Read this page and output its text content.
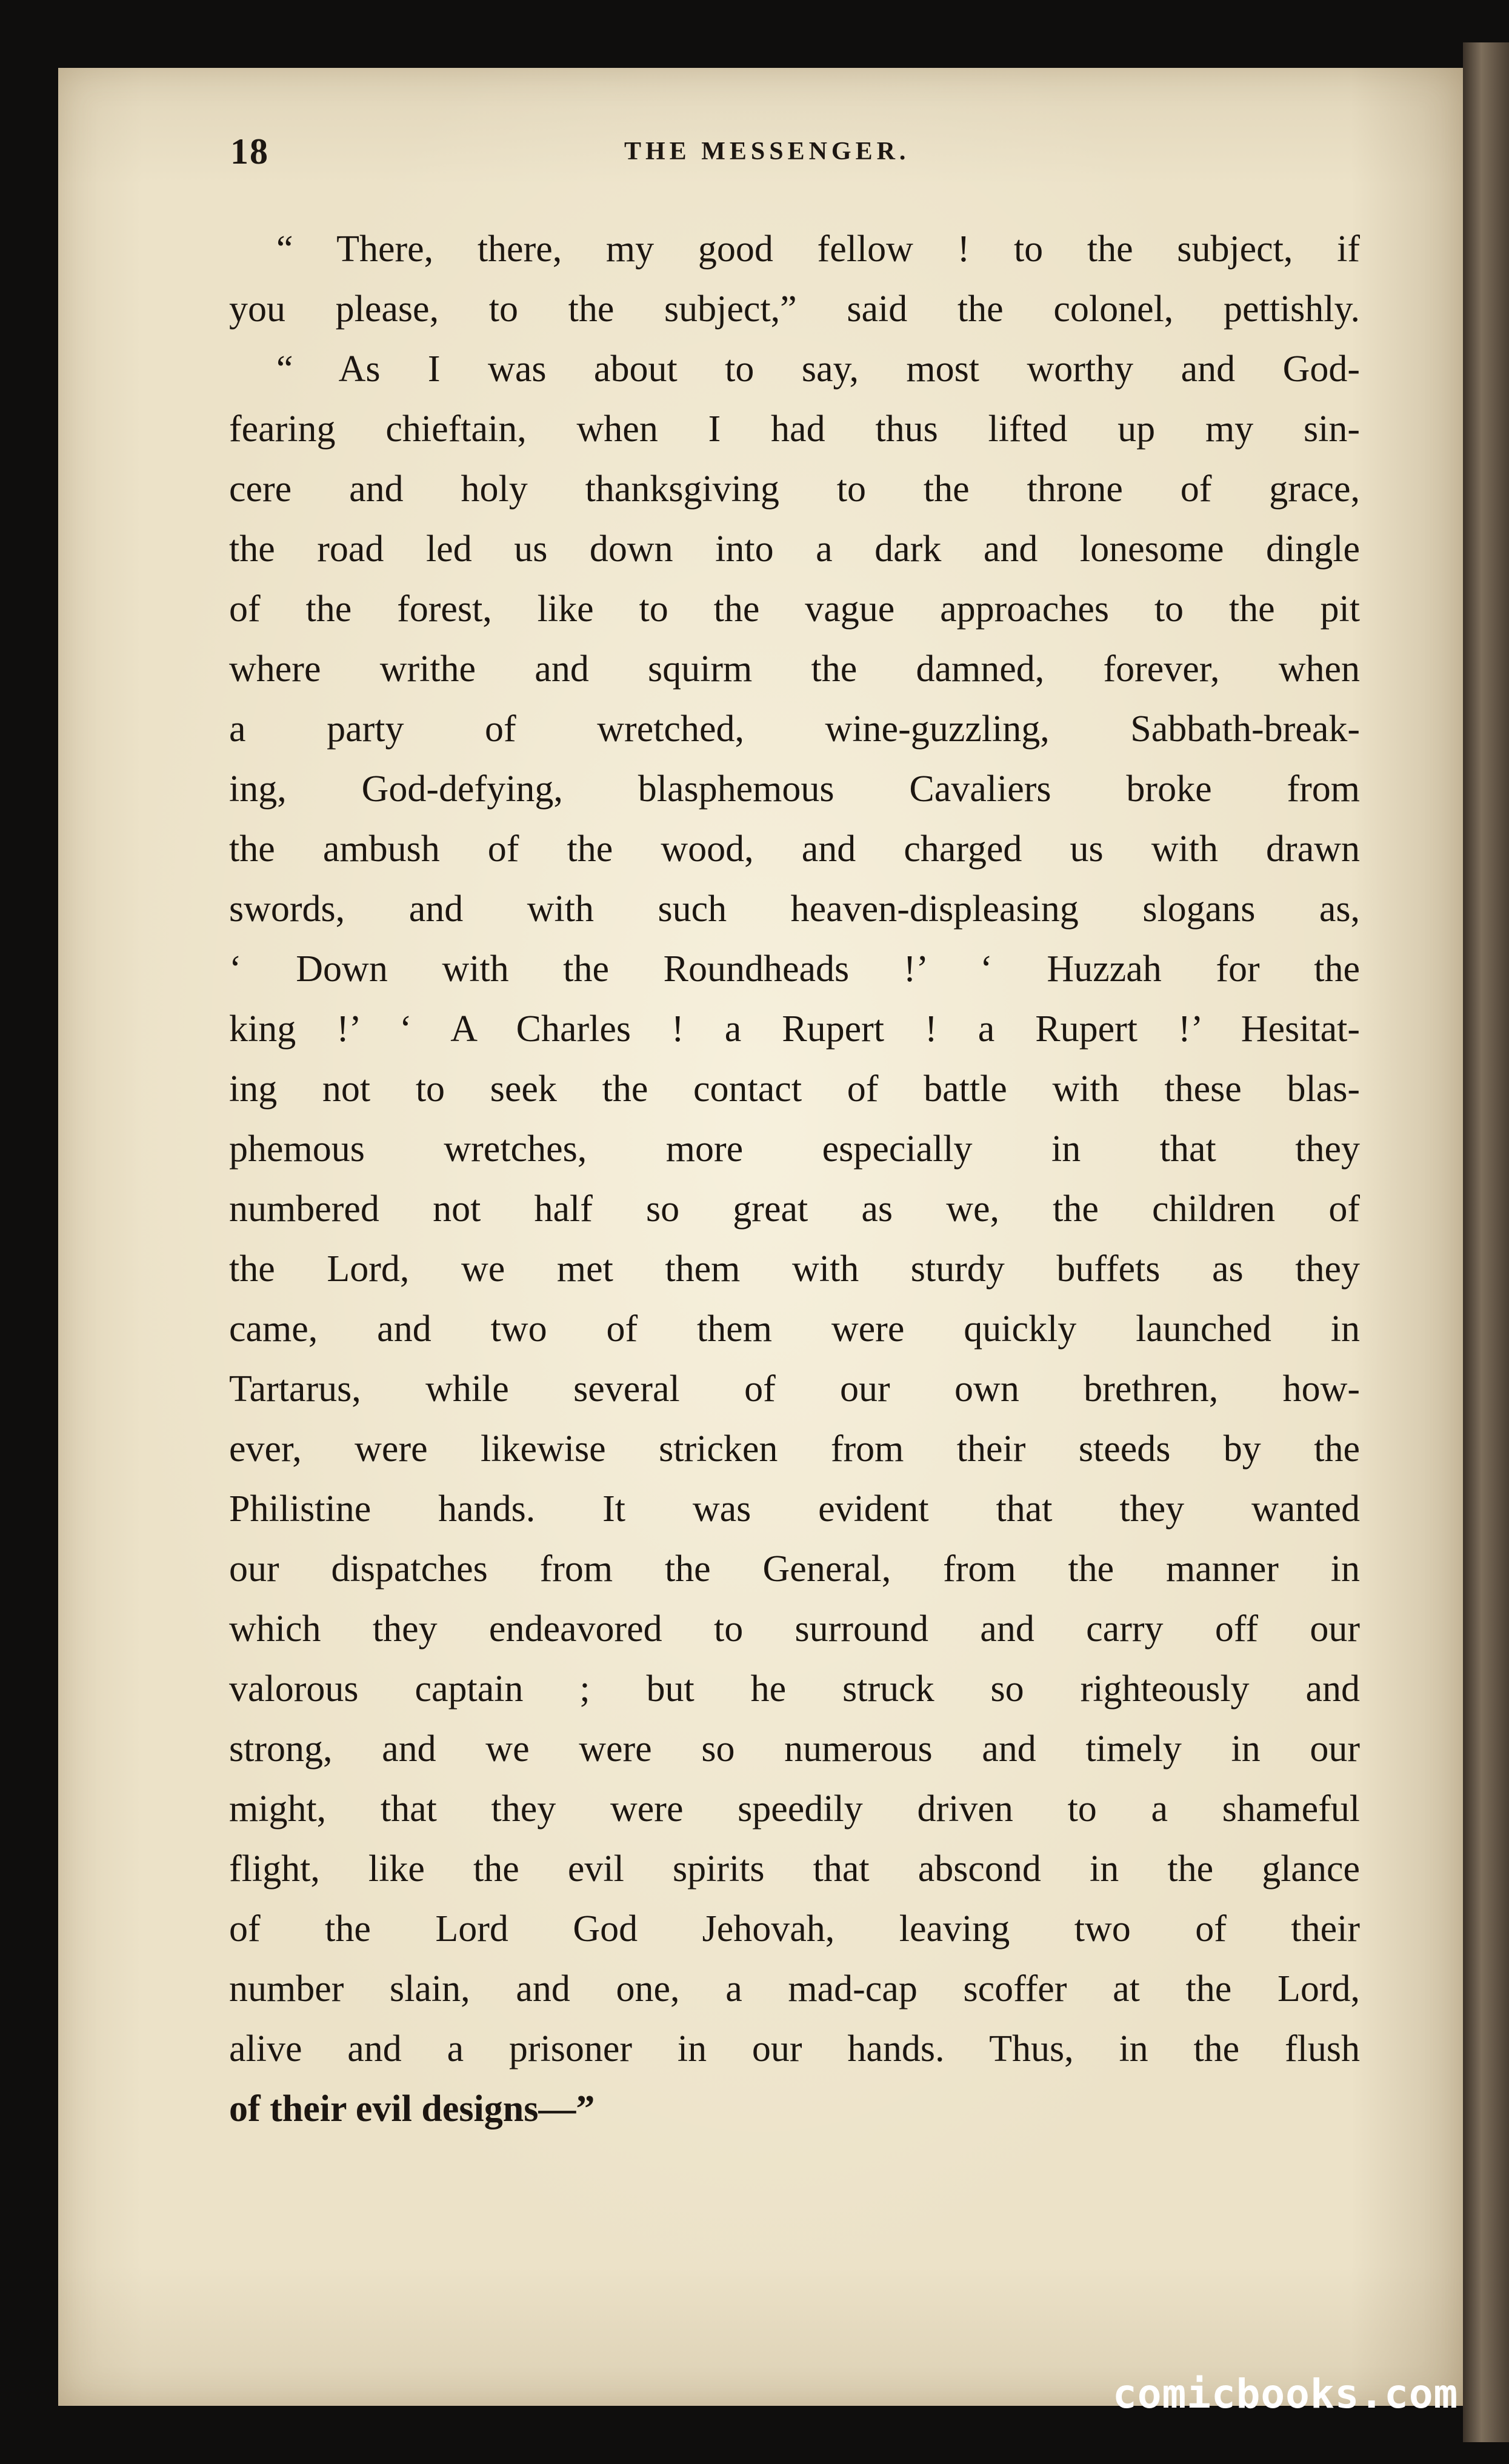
18	THE MESSENGER.
“ There, there, my good fellow ! to the subject, if
you please, to the subject,” said the colonel, pettishly.
“ As I was about to say, most worthy and God-
fearing chieftain, when I had thus lifted up my sin-
cere and holy thanksgiving to the throne of grace,
the road led us down into a dark and lonesome dingle
of the forest, like to the vague approaches to the pit
where writhe and squirm the damned, forever, when
a party of wretched, wine-guzzling, Sabbath-break-
ing, God-defying, blasphemous Cavaliers broke from
the ambush of the wood, and charged us with drawn
swords, and with such heaven-displeasing slogans as,
‘ Down with the Roundheads !’ ‘ Huzzah for the
king !’ ‘ A Charles ! a Rupert ! a Rupert !’ Hesitat-
ing not to seek the contact of battle with these blas-
phemous wretches, more especially in that they
numbered not half so great as we, the children of
the Lord, we met them with sturdy buffets as they
came, and two of them were quickly launched in
Tartarus, while several of our own brethren, how-
ever, were likewise stricken from their steeds by the
Philistine hands. It was evident that they wanted
our dispatches from the General, from the manner in
which they endeavored to surround and carry off our
valorous captain ; but he struck so righteously and
strong, and we were so numerous and timely in our
might, that they were speedily driven to a shameful
flight, like the evil spirits that abscond in the glance
of the Lord God Jehovah, leaving two of their
number slain, and one, a mad-cap scoffer at the Lord,
alive and a prisoner in our hands. Thus, in the flush
of their evil designs—”
comicbooks.com
